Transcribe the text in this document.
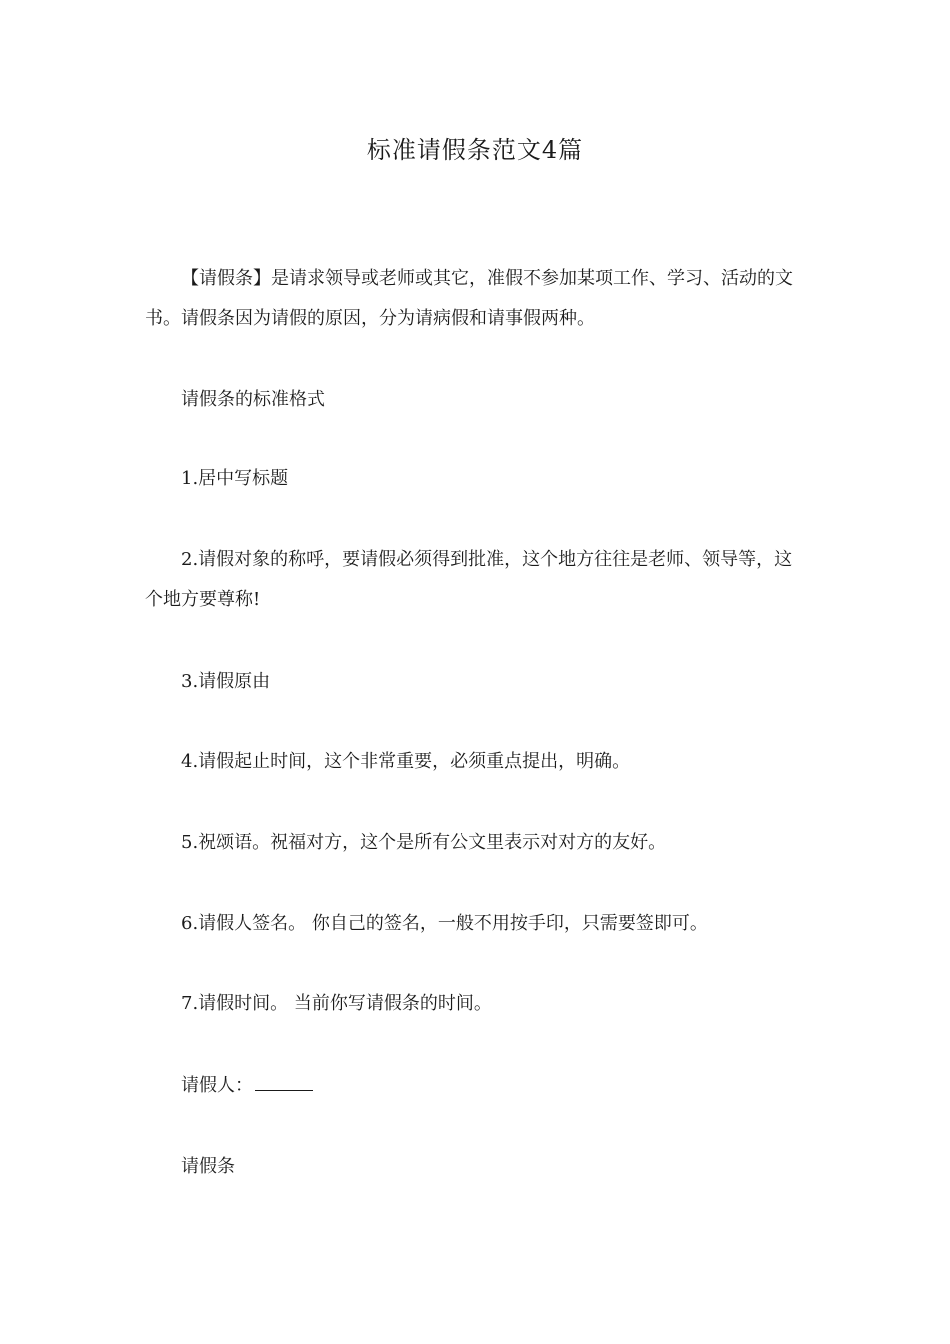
标准请假条范文4篇

【请假条】是请求领导或老师或其它，准假不参加某项工作、学习、活动的文书。请假条因为请假的原因，分为请病假和请事假两种。

请假条的标准格式

1.居中写标题

2.请假对象的称呼，要请假必须得到批准，这个地方往往是老师、领导等，这个地方要尊称!

3.请假原由

4.请假起止时间，这个非常重要，必须重点提出，明确。

5.祝颂语。祝福对方，这个是所有公文里表示对对方的友好。

6.请假人签名。 你自己的签名，一般不用按手印，只需要签即可。

7.请假时间。 当前你写请假条的时间。

请假人：

请假条
